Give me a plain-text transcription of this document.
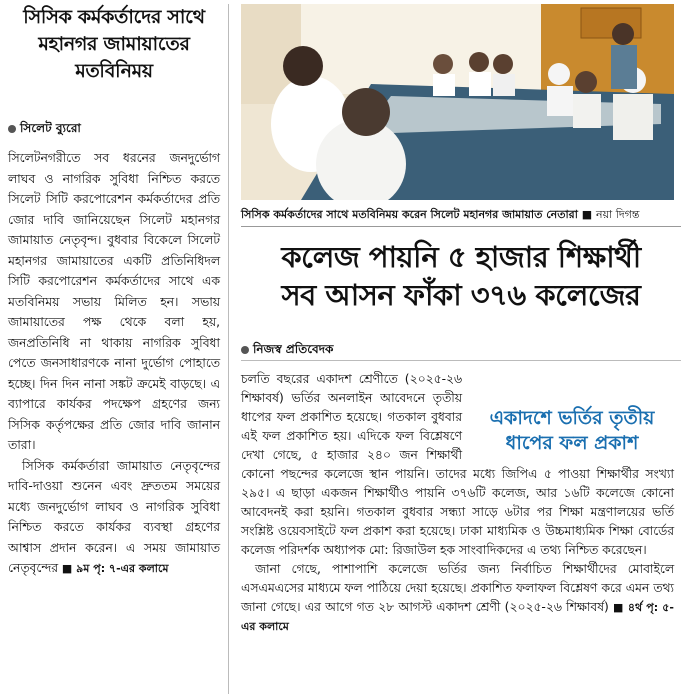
সিসিক কর্মকর্তাদের সাথে
মহানগর জামায়াতের
মতবিনিময়
সিলেট ব্যুরো

সিলেটনগরীতে সব ধরনের জনদুর্ভোগ লাঘব ও নাগরিক সুবিধা নিশ্চিত করতে সিলেট সিটি করপোরেশন কর্মকর্তাদের প্রতি জোর দাবি জানিয়েছেন সিলেট মহানগর জামায়াত নেতৃবৃন্দ। বুধবার বিকেলে সিলেট মহানগর জামায়াতের একটি প্রতিনিধিদল সিটি করপোরেশন কর্মকর্তাদের সাথে এক মতবিনিময় সভায় মিলিত হন। সভায় জামায়াতের পক্ষ থেকে বলা হয়, জনপ্রতিনিধি না থাকায় নাগরিক সুবিধা পেতে জনসাধারণকে নানা দুর্ভোগ পোহাতে হচ্ছে। দিন দিন নানা সঙ্কট ক্রমেই বাড়ছে। এ ব্যাপারে কার্যকর পদক্ষেপ গ্রহণের জন্য সিসিক কর্তৃপক্ষের প্রতি জোর দাবি জানান তারা।

সিসিক কর্মকর্তারা জামায়াত নেতৃবৃন্দের দাবি-দাওয়া শুনেন এবং দ্রুততম সময়ের মধ্যে জনদুর্ভোগ লাঘব ও নাগরিক সুবিধা নিশ্চিত করতে কার্যকর ব্যবস্থা গ্রহণের আশ্বাস প্রদান করেন। এ সময় জামায়াত নেতৃবৃন্দের ■ ৯ম পৃ: ৭-এর কলামে

সিসিক কর্মকর্তাদের সাথে মতবিনিময় করেন সিলেট মহানগর জামায়াত নেতারা ■ নয়া দিগন্ত
কলেজ পায়নি ৫ হাজার শিক্ষার্থী
সব আসন ফাঁকা ৩৭৬ কলেজের
নিজস্ব প্রতিবেদক
একাদশে ভর্তির তৃতীয় ধাপের ফল প্রকাশ

চলতি বছরের একাদশ শ্রেণীতে (২০২৫-২৬ শিক্ষাবর্ষ) ভর্তির অনলাইন আবেদনে তৃতীয় ধাপের ফল প্রকাশিত হয়েছে। গতকাল বুধবার এই ফল প্রকাশিত হয়। এদিকে ফল বিশ্লেষণে দেখা গেছে, ৫ হাজার ২৪০ জন শিক্ষার্থী কোনো পছন্দের কলেজে স্থান পায়নি। তাদের মধ্যে জিপিএ ৫ পাওয়া শিক্ষার্থীর সংখ্যা ২৯৫। এ ছাড়া একজন শিক্ষার্থীও পায়নি ৩৭৬টি কলেজ, আর ১৬টি কলেজে কোনো আবেদনই করা হয়নি। গতকাল বুধবার সন্ধ্যা সাড়ে ৬টার পর শিক্ষা মন্ত্রণালয়ের ভর্তি সংশ্লিষ্ট ওয়েবসাইটে ফল প্রকাশ করা হয়েছে। ঢাকা মাধ্যমিক ও উচ্চমাধ্যমিক শিক্ষা বোর্ডের কলেজ পরিদর্শক অধ্যাপক মো: রিজাউল হক সাংবাদিকদের এ তথ্য নিশ্চিত করেছেন।

জানা গেছে, পাশাপাশি কলেজে ভর্তির জন্য নির্বাচিত শিক্ষার্থীদের মোবাইলে এসএমএসের মাধ্যমে ফল পাঠিয়ে দেয়া হয়েছে। প্রকাশিত ফলাফল বিশ্লেষণ করে এমন তথ্য জানা গেছে। এর আগে গত ২৮ আগস্ট একাদশ শ্রেণী (২০২৫-২৬ শিক্ষাবর্ষ) ■ ৪র্থ পৃ: ৫-এর কলামে
